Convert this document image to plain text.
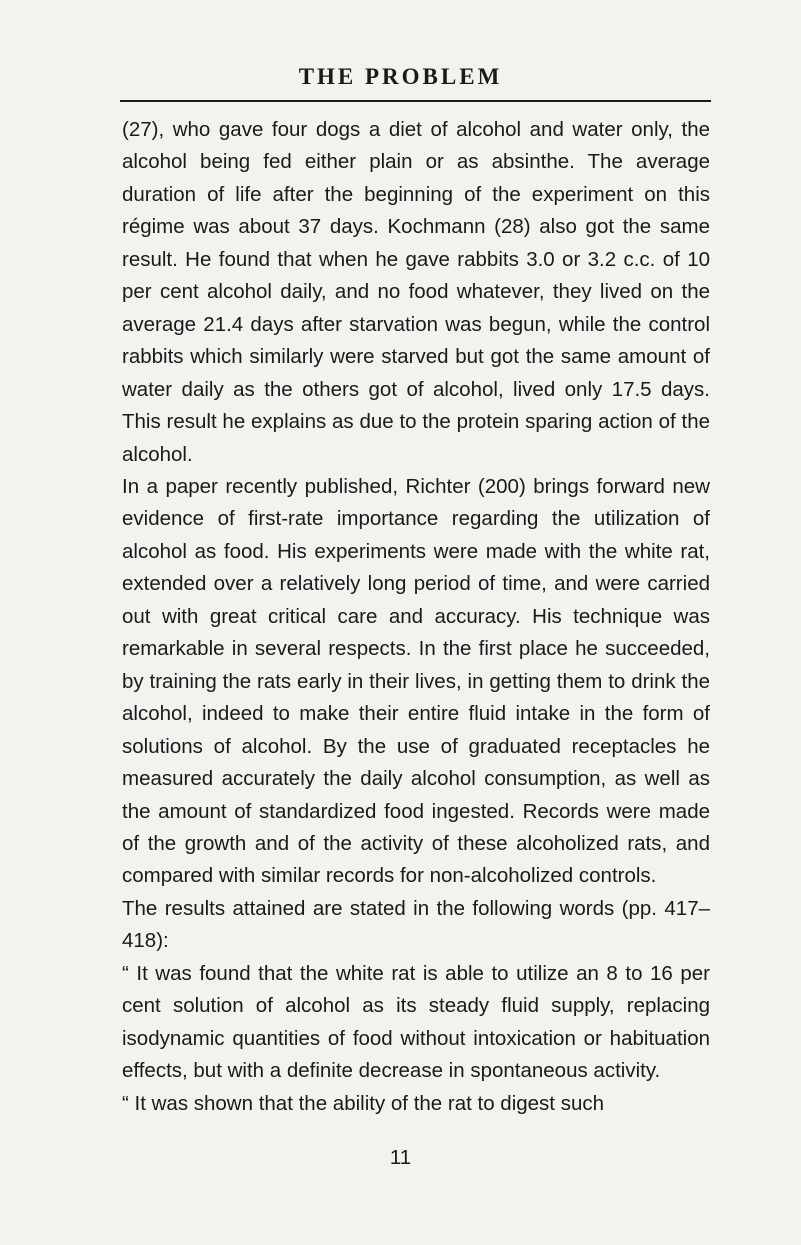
THE PROBLEM

(27), who gave four dogs a diet of alcohol and water only, the alcohol being fed either plain or as absinthe. The average duration of life after the beginning of the experiment on this régime was about 37 days. Kochmann (28) also got the same result. He found that when he gave rabbits 3.0 or 3.2 c.c. of 10 per cent alcohol daily, and no food whatever, they lived on the average 21.4 days after starvation was begun, while the control rabbits which similarly were starved but got the same amount of water daily as the others got of alcohol, lived only 17.5 days. This result he explains as due to the protein sparing action of the alcohol.

In a paper recently published, Richter (200) brings forward new evidence of first-rate importance regarding the utilization of alcohol as food. His experiments were made with the white rat, extended over a relatively long period of time, and were carried out with great critical care and accuracy. His technique was remarkable in several respects. In the first place he succeeded, by training the rats early in their lives, in getting them to drink the alcohol, indeed to make their entire fluid intake in the form of solutions of alcohol. By the use of graduated receptacles he measured accurately the daily alcohol consumption, as well as the amount of standardized food ingested. Records were made of the growth and of the activity of these alcoholized rats, and compared with similar records for non-alcoholized controls.

The results attained are stated in the following words (pp. 417–418):

“ It was found that the white rat is able to utilize an 8 to 16 per cent solution of alcohol as its steady fluid supply, replacing isodynamic quantities of food without intoxication or habituation effects, but with a definite decrease in spontaneous activity.

“ It was shown that the ability of the rat to digest such

11
